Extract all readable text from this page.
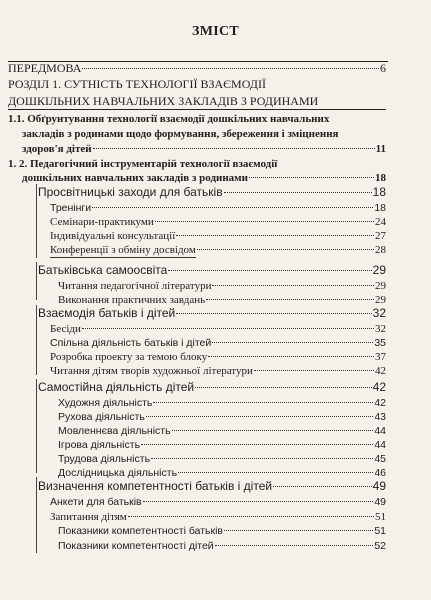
ЗМІСТ
ПЕРЕДМОВА	6
РОЗДІЛ 1. СУТНІСТЬ ТЕХНОЛОГІЇ ВЗАЄМОДІЇ
ДОШКІЛЬНИХ НАВЧАЛЬНИХ ЗАКЛАДІВ З РОДИНАМИ
1.1. Обґрунтування технології взаємодії дошкільних навчальних
закладів з родинами щодо формування, збереження і зміцнення
здоров'я дітей	11
1. 2. Педагогічний інструментарій технології взаємодії
дошкільних навчальних закладів з родинами	18
Просвітницькі заходи для батьків	18
Тренінги	18
Семінари-практикуми	24
Індивідуальні консультації	27
Конференції з обміну досвідом	28
Батьківська самоосвіта	29
Читання педагогічної літератури	29
Виконання практичних завдань	29
Взаємодія батьків і дітей	32
Бесіди	32
Спільна діяльність батьків і дітей	35
Розробка проекту за темою блоку	37
Читання дітям творів художньої літератури	42
Самостійна діяльність дітей	42
Художня діяльність	42
Рухова діяльність	43
Мовленнєва діяльність	44
Ігрова діяльність	44
Трудова діяльність	45
Дослідницька діяльність	46
Визначення компетентності батьків і дітей	49
Анкети для батьків	49
Запитання дітям	51
Показники компетентності батьків	51
Показники компетентності дітей	52
